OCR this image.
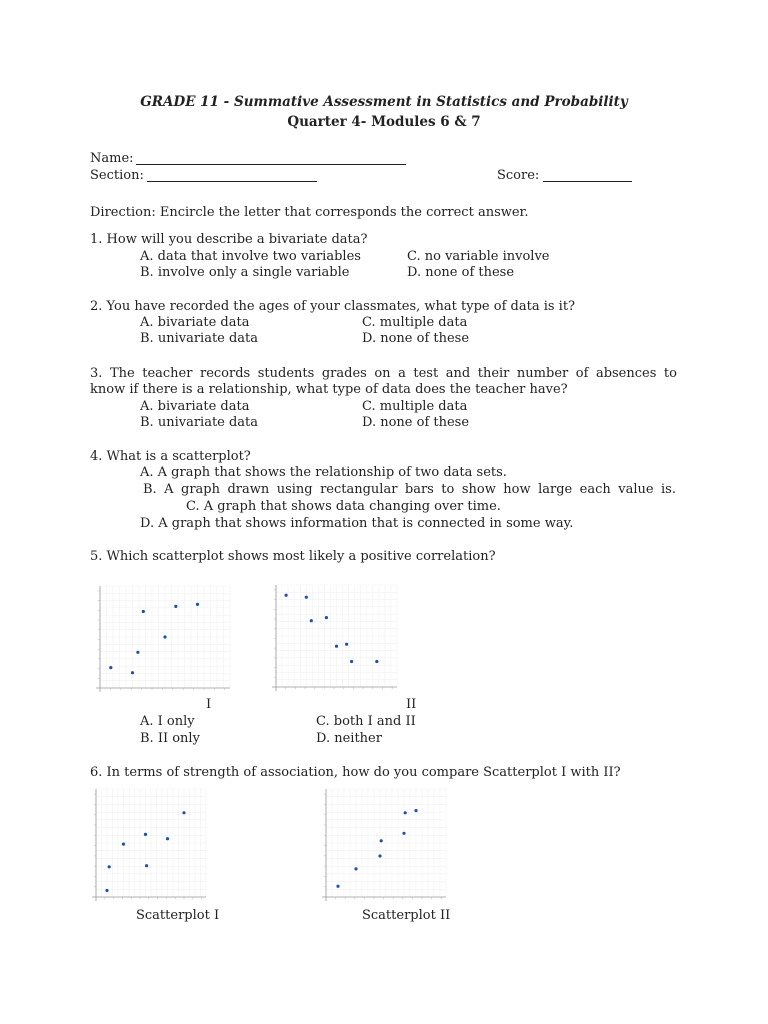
GRADE 11 - Summative Assessment in Statistics and Probability
Quarter 4- Modules 6 & 7
Name:
Section:	Score:
Direction: Encircle the letter that corresponds the correct answer.
1. How will you describe a bivariate data?
A. data that involve two variables	C. no variable involve
B. involve only a single variable	D. none of these
2. You have recorded the ages of your classmates, what type of data is it?
A. bivariate data	C. multiple data
B. univariate data	D. none of these
3. The teacher records students grades on a test and their number of absences to
know if there is a relationship, what type of data does the teacher have?
A. bivariate data	C. multiple data
B. univariate data	D. none of these
4. What is a scatterplot?
A. A graph that shows the relationship of two data sets.
B. A graph drawn using rectangular bars to show how large each value is.
C. A graph that shows data changing over time.
D. A graph that shows information that is connected in some way.
5. Which scatterplot shows most likely a positive correlation?
I	II
A. I only	C. both I and II
B. II only	D. neither
6. In terms of strength of association, how do you compare Scatterplot I with II?
Scatterplot I	Scatterplot II
